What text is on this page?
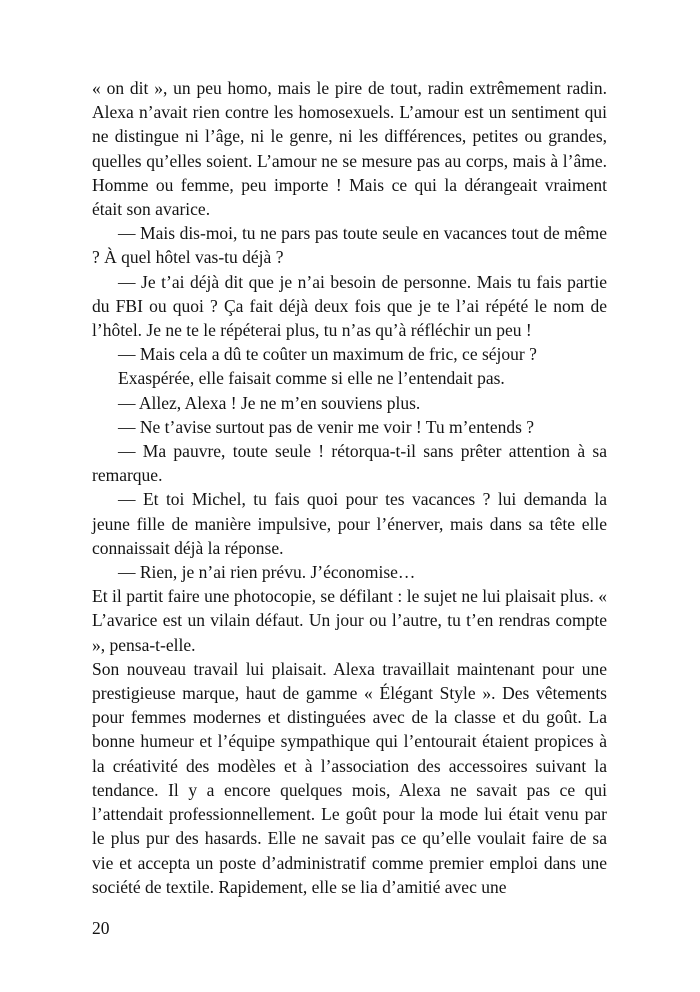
« on dit », un peu homo, mais le pire de tout, radin extrêmement radin. Alexa n’avait rien contre les homosexuels. L’amour est un sentiment qui ne distingue ni l’âge, ni le genre, ni les différences, petites ou grandes, quelles qu’elles soient. L’amour ne se mesure pas au corps, mais à l’âme. Homme ou femme, peu importe ! Mais ce qui la dérangeait vraiment était son avarice.

— Mais dis-moi, tu ne pars pas toute seule en vacances tout de même ? À quel hôtel vas-tu déjà ?

— Je t’ai déjà dit que je n’ai besoin de personne. Mais tu fais partie du FBI ou quoi ? Ça fait déjà deux fois que je te l’ai répété le nom de l’hôtel. Je ne te le répéterai plus, tu n’as qu’à réfléchir un peu !

— Mais cela a dû te coûter un maximum de fric, ce séjour ?

Exaspérée, elle faisait comme si elle ne l’entendait pas.

— Allez, Alexa ! Je ne m’en souviens plus.

— Ne t’avise surtout pas de venir me voir ! Tu m’entends ?

— Ma pauvre, toute seule ! rétorqua-t-il sans prêter attention à sa remarque.

— Et toi Michel, tu fais quoi pour tes vacances ? lui demanda la jeune fille de manière impulsive, pour l’énerver, mais dans sa tête elle connaissait déjà la réponse.

— Rien, je n’ai rien prévu. J’économise…

Et il partit faire une photocopie, se défilant : le sujet ne lui plaisait plus. « L’avarice est un vilain défaut. Un jour ou l’autre, tu t’en rendras compte », pensa-t-elle.

Son nouveau travail lui plaisait. Alexa travaillait maintenant pour une prestigieuse marque, haut de gamme « Élégant Style ». Des vêtements pour femmes modernes et distinguées avec de la classe et du goût. La bonne humeur et l’équipe sympathique qui l’entourait étaient propices à la créativité des modèles et à l’association des accessoires suivant la tendance. Il y a encore quelques mois, Alexa ne savait pas ce qui l’attendait professionnellement. Le goût pour la mode lui était venu par le plus pur des hasards. Elle ne savait pas ce qu’elle voulait faire de sa vie et accepta un poste d’administratif comme premier emploi dans une société de textile. Rapidement, elle se lia d’amitié avec une

20
